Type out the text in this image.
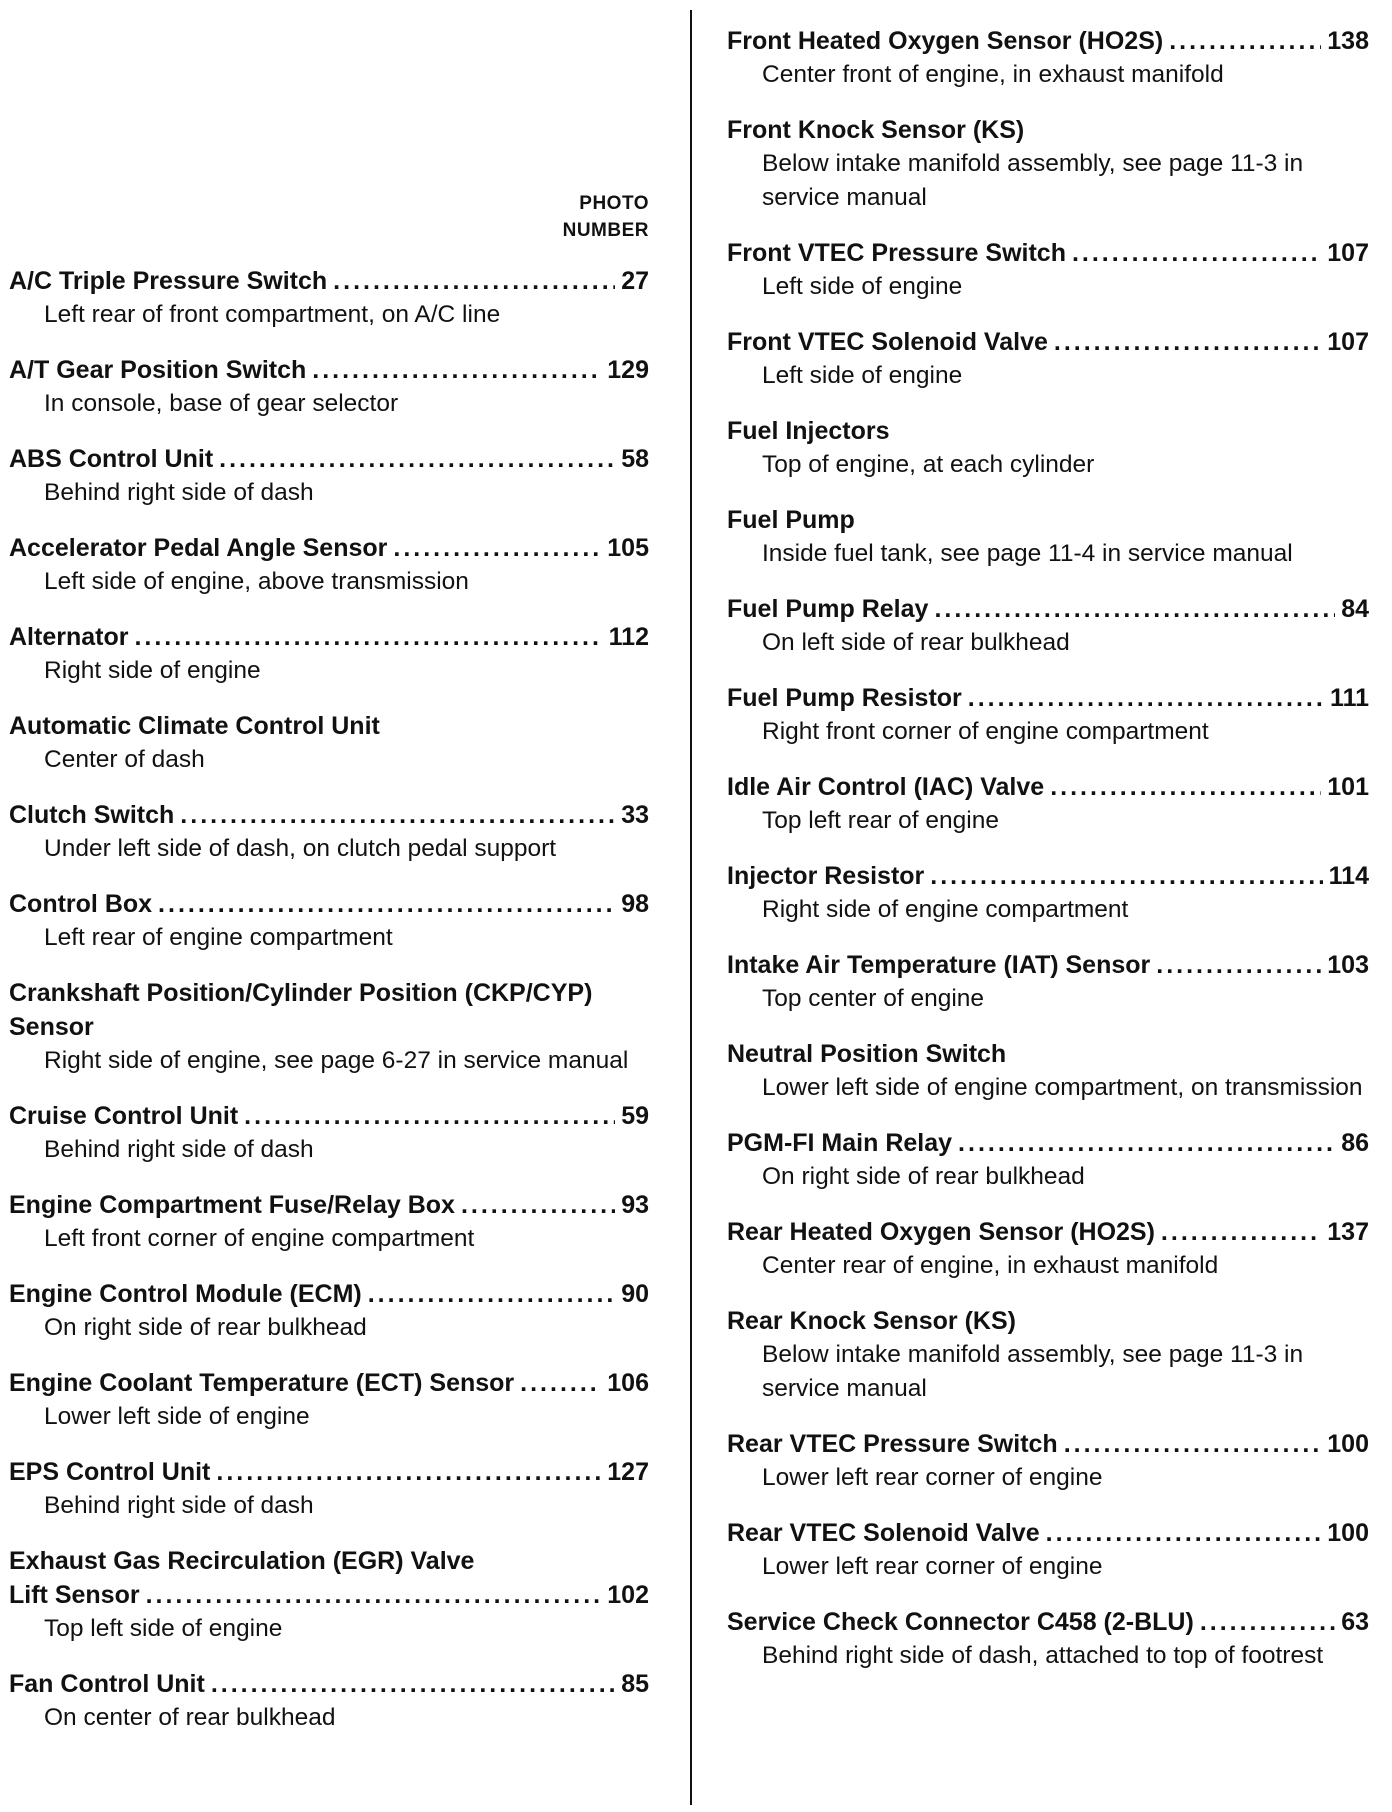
PHOTO
NUMBER
A/C Triple Pressure Switch .....	27
Left rear of front compartment, on A/C line
A/T Gear Position Switch .....	129
In console, base of gear selector
ABS Control Unit .....	58
Behind right side of dash
Accelerator Pedal Angle Sensor .....	105
Left side of engine, above transmission
Alternator .....	112
Right side of engine
Automatic Climate Control Unit
Center of dash
Clutch Switch .....	33
Under left side of dash, on clutch pedal support
Control Box .....	98
Left rear of engine compartment
Crankshaft Position/Cylinder Position (CKP/CYP) Sensor
Right side of engine, see page 6-27 in service manual
Cruise Control Unit .....	59
Behind right side of dash
Engine Compartment Fuse/Relay Box .....	93
Left front corner of engine compartment
Engine Control Module (ECM) .....	90
On right side of rear bulkhead
Engine Coolant Temperature (ECT) Sensor .....	106
Lower left side of engine
EPS Control Unit .....	127
Behind right side of dash
Exhaust Gas Recirculation (EGR) Valve
Lift Sensor .....	102
Top left side of engine
Fan Control Unit .....	85
On center of rear bulkhead
Front Heated Oxygen Sensor (HO2S) .....	138
Center front of engine, in exhaust manifold
Front Knock Sensor (KS)
Below intake manifold assembly, see page 11-3 in service manual
Front VTEC Pressure Switch .....	107
Left side of engine
Front VTEC Solenoid Valve .....	107
Left side of engine
Fuel Injectors
Top of engine, at each cylinder
Fuel Pump
Inside fuel tank, see page 11-4 in service manual
Fuel Pump Relay .....	84
On left side of rear bulkhead
Fuel Pump Resistor .....	111
Right front corner of engine compartment
Idle Air Control (IAC) Valve .....	101
Top left rear of engine
Injector Resistor .....	114
Right side of engine compartment
Intake Air Temperature (IAT) Sensor .....	103
Top center of engine
Neutral Position Switch
Lower left side of engine compartment, on transmission
PGM-FI Main Relay .....	86
On right side of rear bulkhead
Rear Heated Oxygen Sensor (HO2S) .....	137
Center rear of engine, in exhaust manifold
Rear Knock Sensor (KS)
Below intake manifold assembly, see page 11-3 in service manual
Rear VTEC Pressure Switch .....	100
Lower left rear corner of engine
Rear VTEC Solenoid Valve .....	100
Lower left rear corner of engine
Service Check Connector C458 (2-BLU) .....	63
Behind right side of dash, attached to top of footrest
